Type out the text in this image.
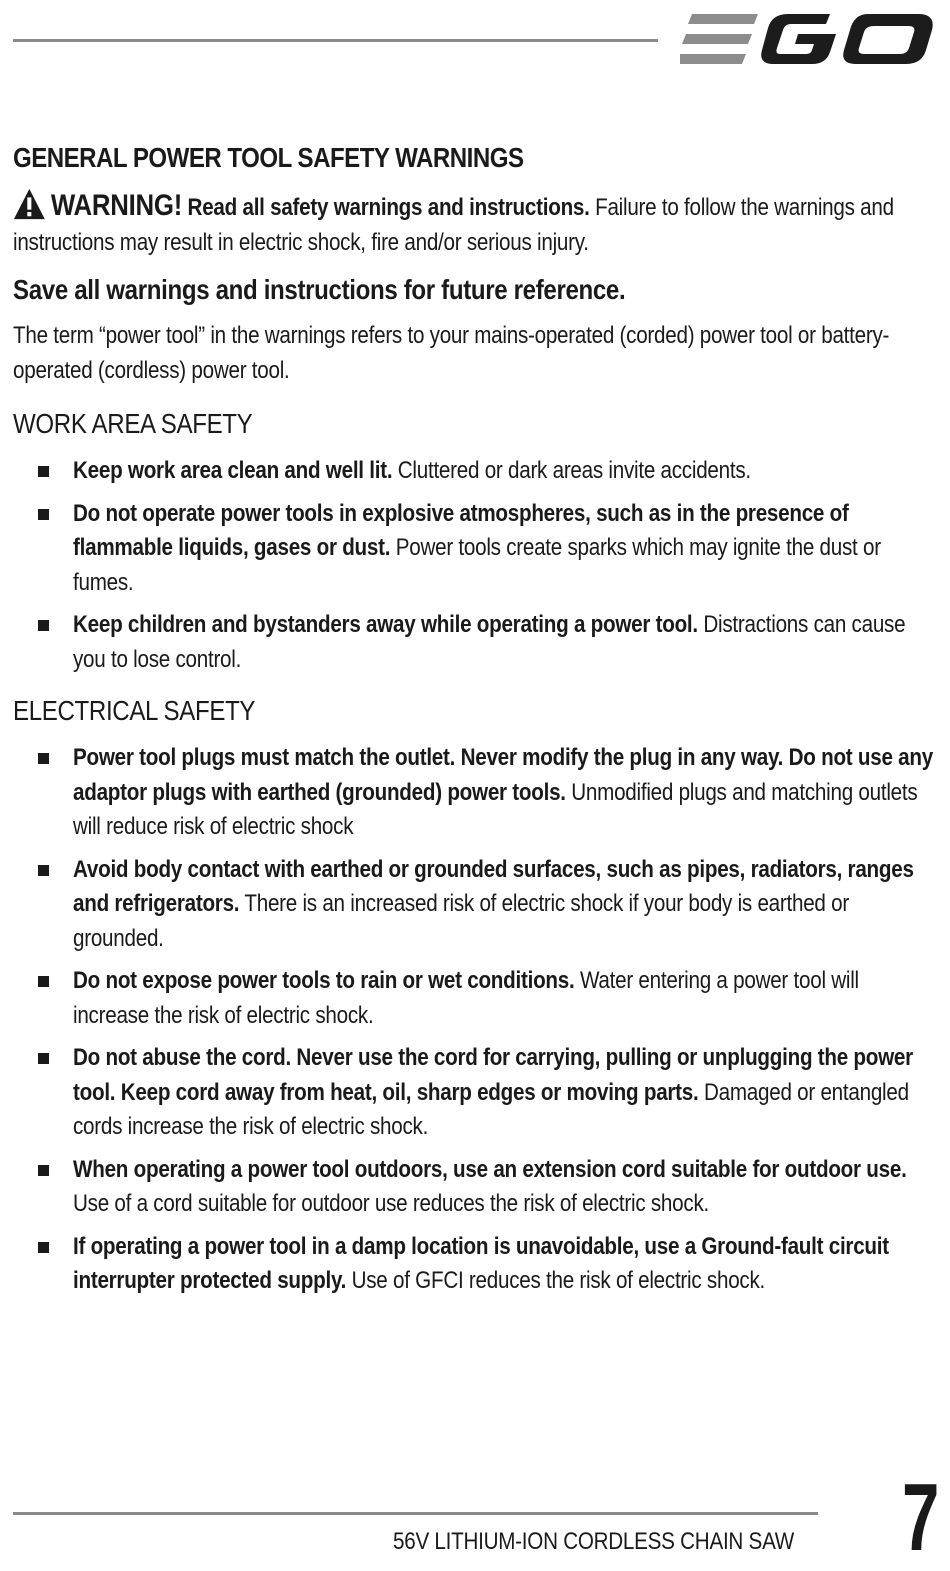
GENERAL POWER TOOL SAFETY WARNINGS
WARNING! Read all safety warnings and instructions. Failure to follow the warnings and instructions may result in electric shock, fire and/or serious injury.
Save all warnings and instructions for future reference.
The term “power tool” in the warnings refers to your mains-operated (corded) power tool or battery-operated (cordless) power tool.
WORK AREA SAFETY
Keep work area clean and well lit. Cluttered or dark areas invite accidents.
Do not operate power tools in explosive atmospheres, such as in the presence of flammable liquids, gases or dust. Power tools create sparks which may ignite the dust or fumes.
Keep children and bystanders away while operating a power tool. Distractions can cause you to lose control.
ELECTRICAL SAFETY
Power tool plugs must match the outlet. Never modify the plug in any way. Do not use any adaptor plugs with earthed (grounded) power tools. Unmodified plugs and matching outlets will reduce risk of electric shock
Avoid body contact with earthed or grounded surfaces, such as pipes, radiators, ranges and refrigerators. There is an increased risk of electric shock if your body is earthed or grounded.
Do not expose power tools to rain or wet conditions. Water entering a power tool will increase the risk of electric shock.
Do not abuse the cord. Never use the cord for carrying, pulling or unplugging the power tool. Keep cord away from heat, oil, sharp edges or moving parts. Damaged or entangled cords increase the risk of electric shock.
When operating a power tool outdoors, use an extension cord suitable for outdoor use. Use of a cord suitable for outdoor use reduces the risk of electric shock.
If operating a power tool in a damp location is unavoidable, use a Ground-fault circuit interrupter protected supply. Use of GFCI reduces the risk of electric shock.
56V LITHIUM-ION CORDLESS CHAIN SAW	7
